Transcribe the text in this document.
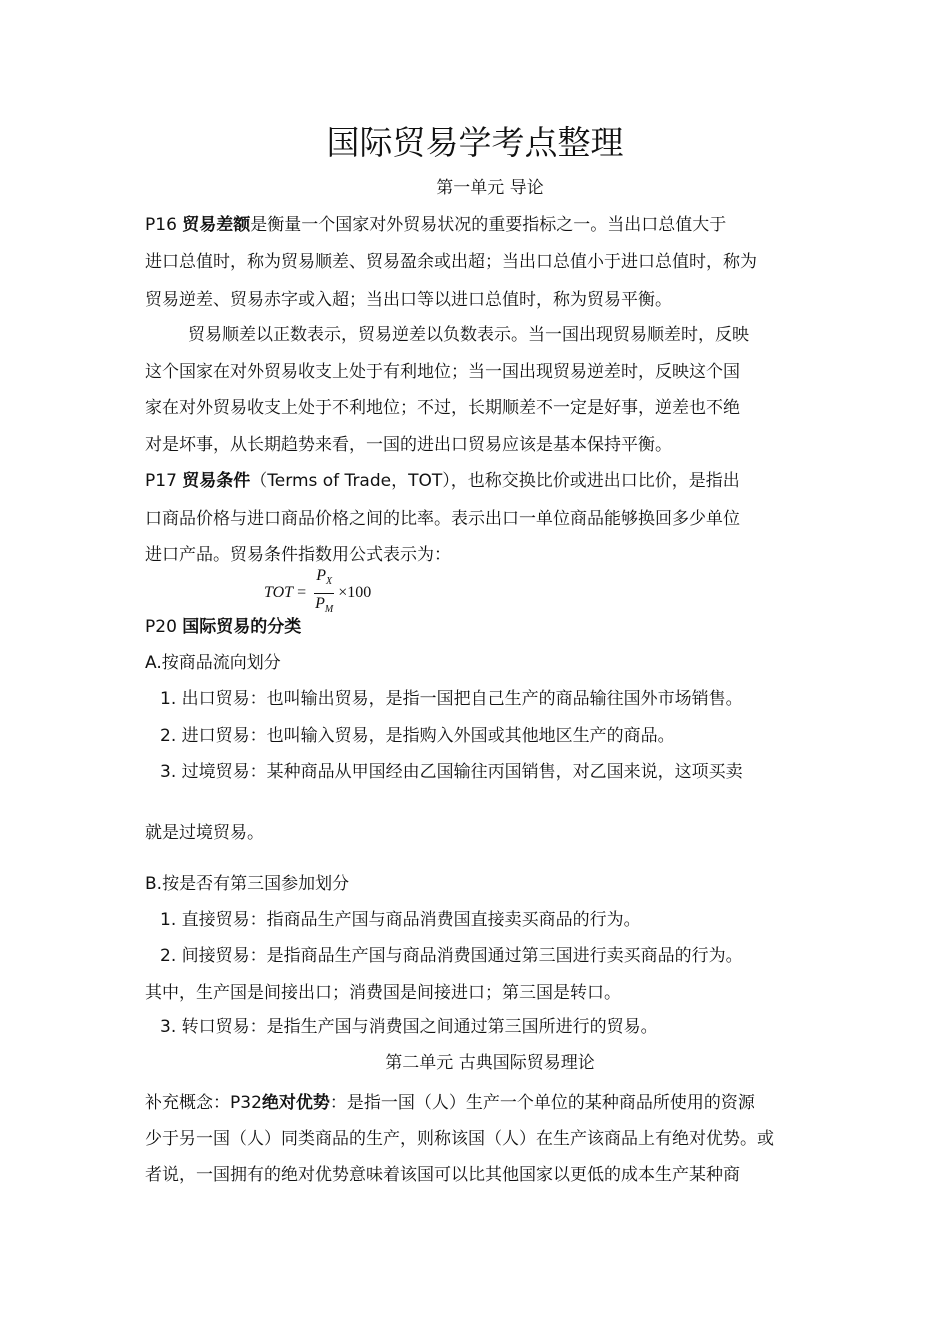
国际贸易学考点整理
第一单元 导论
P16 贸易差额是衡量一个国家对外贸易状况的重要指标之一。当出口总值大于
进口总值时，称为贸易顺差、贸易盈余或出超；当出口总值小于进口总值时，称为
贸易逆差、贸易赤字或入超；当出口等以进口总值时，称为贸易平衡。
贸易顺差以正数表示，贸易逆差以负数表示。当一国出现贸易顺差时，反映
这个国家在对外贸易收支上处于有利地位；当一国出现贸易逆差时，反映这个国
家在对外贸易收支上处于不利地位；不过，长期顺差不一定是好事，逆差也不绝
对是坏事，从长期趋势来看，一国的进出口贸易应该是基本保持平衡。
P17 贸易条件（Terms of Trade，TOT），也称交换比价或进出口比价，是指出
口商品价格与进口商品价格之间的比率。表示出口一单位商品能够换回多少单位
进口产品。贸易条件指数用公式表示为：
TOT = $\frac{P_X}{P_M} \times 100$
P20 国际贸易的分类
A.按商品流向划分
1. 出口贸易：也叫输出贸易，是指一国把自己生产的商品输往国外市场销售。
2. 进口贸易：也叫输入贸易，是指购入外国或其他地区生产的商品。
3. 过境贸易：某种商品从甲国经由乙国输往丙国销售，对乙国来说，这项买卖
就是过境贸易。
B.按是否有第三国参加划分
1. 直接贸易：指商品生产国与商品消费国直接卖买商品的行为。
2. 间接贸易：是指商品生产国与商品消费国通过第三国进行卖买商品的行为。
其中，生产国是间接出口；消费国是间接进口；第三国是转口。
3. 转口贸易：是指生产国与消费国之间通过第三国所进行的贸易。
第二单元 古典国际贸易理论
补充概念：P32绝对优势：是指一国（人）生产一个单位的某种商品所使用的资源
少于另一国（人）同类商品的生产，则称该国（人）在生产该商品上有绝对优势。或
者说，一国拥有的绝对优势意味着该国可以比其他国家以更低的成本生产某种商
